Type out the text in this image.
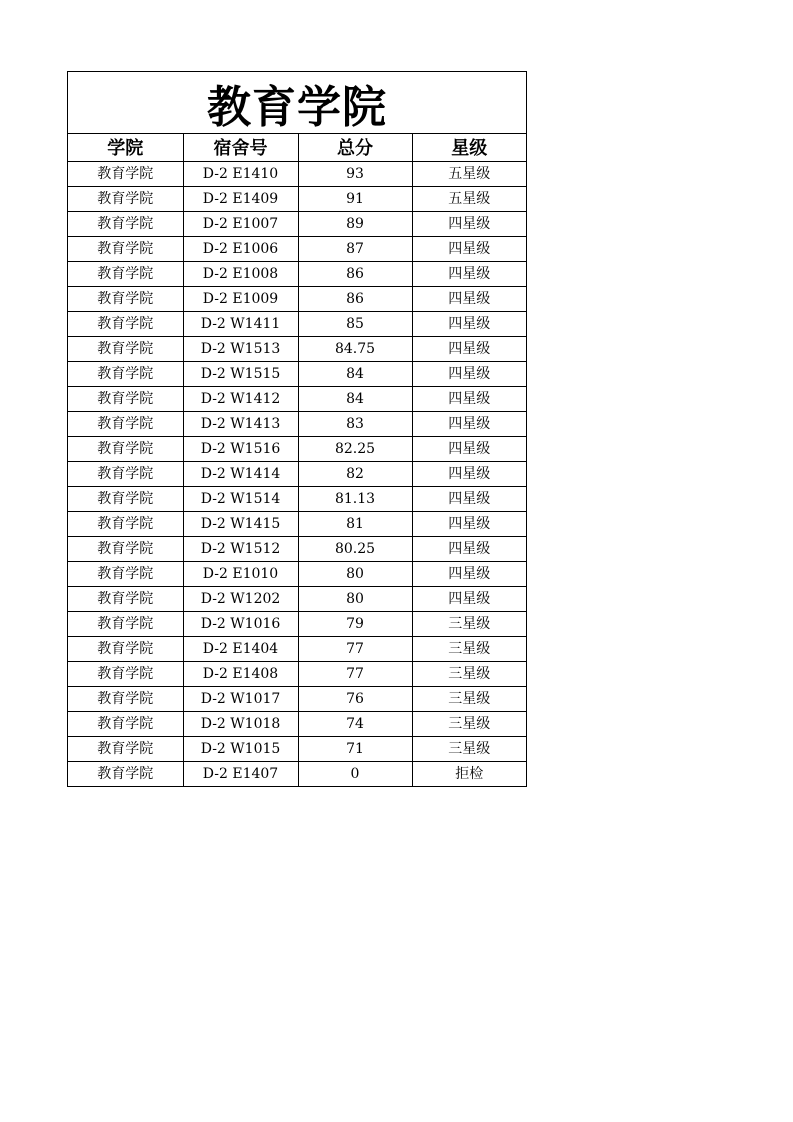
教育学院
学院	宿舍号	总分	星级
教育学院	D-2 E1410	93	五星级
教育学院	D-2 E1409	91	五星级
教育学院	D-2 E1007	89	四星级
教育学院	D-2 E1006	87	四星级
教育学院	D-2 E1008	86	四星级
教育学院	D-2 E1009	86	四星级
教育学院	D-2 W1411	85	四星级
教育学院	D-2 W1513	84.75	四星级
教育学院	D-2 W1515	84	四星级
教育学院	D-2 W1412	84	四星级
教育学院	D-2 W1413	83	四星级
教育学院	D-2 W1516	82.25	四星级
教育学院	D-2 W1414	82	四星级
教育学院	D-2 W1514	81.13	四星级
教育学院	D-2 W1415	81	四星级
教育学院	D-2 W1512	80.25	四星级
教育学院	D-2 E1010	80	四星级
教育学院	D-2 W1202	80	四星级
教育学院	D-2 W1016	79	三星级
教育学院	D-2 E1404	77	三星级
教育学院	D-2 E1408	77	三星级
教育学院	D-2 W1017	76	三星级
教育学院	D-2 W1018	74	三星级
教育学院	D-2 W1015	71	三星级
教育学院	D-2 E1407	0	拒检
